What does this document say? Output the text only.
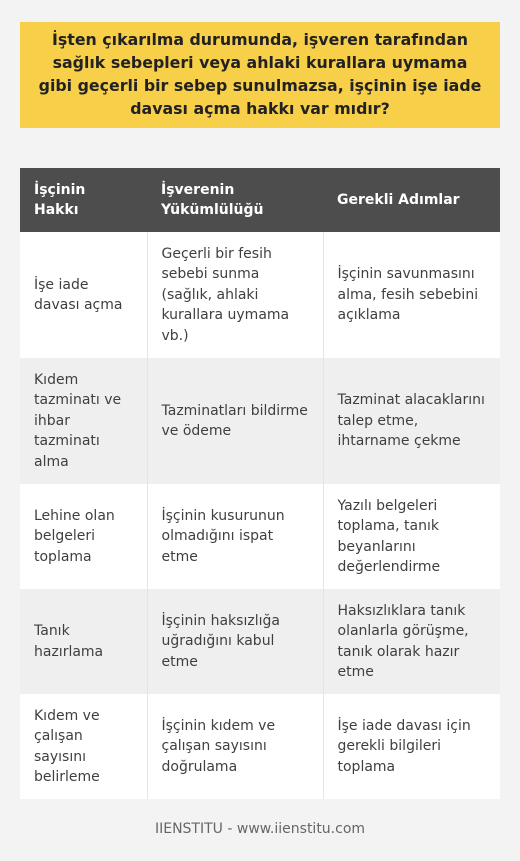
İşten çıkarılma durumunda, işveren tarafından sağlık sebepleri veya ahlaki kurallara uymama gibi geçerli bir sebep sunulmazsa, işçinin işe iade davası açma hakkı var mıdır?

İşçinin Hakkı	İşverenin Yükümlülüğü	Gerekli Adımlar
İşe iade davası açma	Geçerli bir fesih sebebi sunma (sağlık, ahlaki kurallara uymama vb.)	İşçinin savunmasını alma, fesih sebebini açıklama
Kıdem tazminatı ve ihbar tazminatı alma	Tazminatları bildirme ve ödeme	Tazminat alacaklarını talep etme, ihtarname çekme
Lehine olan belgeleri toplama	İşçinin kusurunun olmadığını ispat etme	Yazılı belgeleri toplama, tanık beyanlarını değerlendirme
Tanık hazırlama	İşçinin haksızlığa uğradığını kabul etme	Haksızlıklara tanık olanlarla görüşme, tanık olarak hazır etme
Kıdem ve çalışan sayısını belirleme	İşçinin kıdem ve çalışan sayısını doğrulama	İşe iade davası için gerekli bilgileri toplama
IIENSTITU - www.iienstitu.com
